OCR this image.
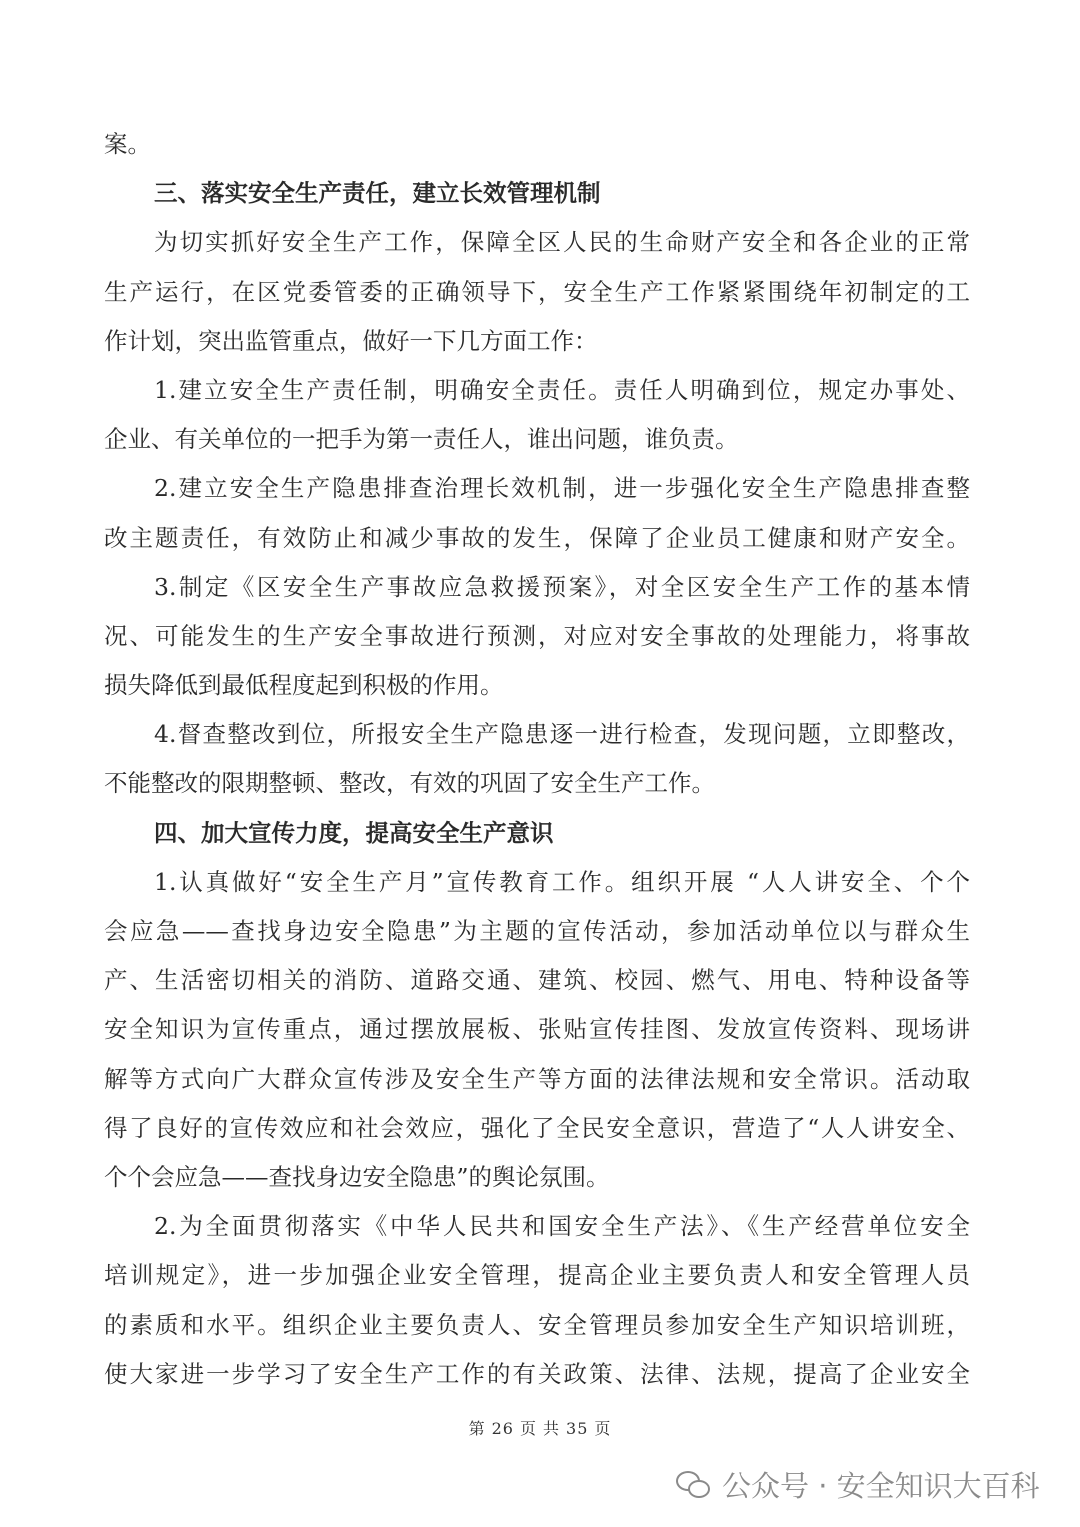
案。
三、落实安全生产责任，建立长效管理机制
为切实抓好安全生产工作，保障全区人民的生命财产安全和各企业的正常
生产运行，在区党委管委的正确领导下，安全生产工作紧紧围绕年初制定的工
作计划，突出监管重点，做好一下几方面工作：
1.建立安全生产责任制，明确安全责任。责任人明确到位，规定办事处、
企业、有关单位的一把手为第一责任人，谁出问题，谁负责。
2.建立安全生产隐患排查治理长效机制，进一步强化安全生产隐患排查整
改主题责任，有效防止和减少事故的发生，保障了企业员工健康和财产安全。
3.制定《区安全生产事故应急救援预案》，对全区安全生产工作的基本情
况、可能发生的生产安全事故进行预测，对应对安全事故的处理能力，将事故
损失降低到最低程度起到积极的作用。
4.督查整改到位，所报安全生产隐患逐一进行检查，发现问题，立即整改，
不能整改的限期整顿、整改，有效的巩固了安全生产工作。
四、加大宣传力度，提高安全生产意识
1.认真做好“安全生产月”宣传教育工作。组织开展 “人人讲安全、个个
会应急——查找身边安全隐患”为主题的宣传活动，参加活动单位以与群众生
产、生活密切相关的消防、道路交通、建筑、校园、燃气、用电、特种设备等
安全知识为宣传重点，通过摆放展板、张贴宣传挂图、发放宣传资料、现场讲
解等方式向广大群众宣传涉及安全生产等方面的法律法规和安全常识。活动取
得了良好的宣传效应和社会效应，强化了全民安全意识，营造了“人人讲安全、
个个会应急——查找身边安全隐患”的舆论氛围。
2.为全面贯彻落实《中华人民共和国安全生产法》、《生产经营单位安全
培训规定》，进一步加强企业安全管理，提高企业主要负责人和安全管理人员
的素质和水平。组织企业主要负责人、安全管理员参加安全生产知识培训班，
使大家进一步学习了安全生产工作的有关政策、法律、法规，提高了企业安全
第 26 页 共 35 页
公众号 · 安全知识大百科
